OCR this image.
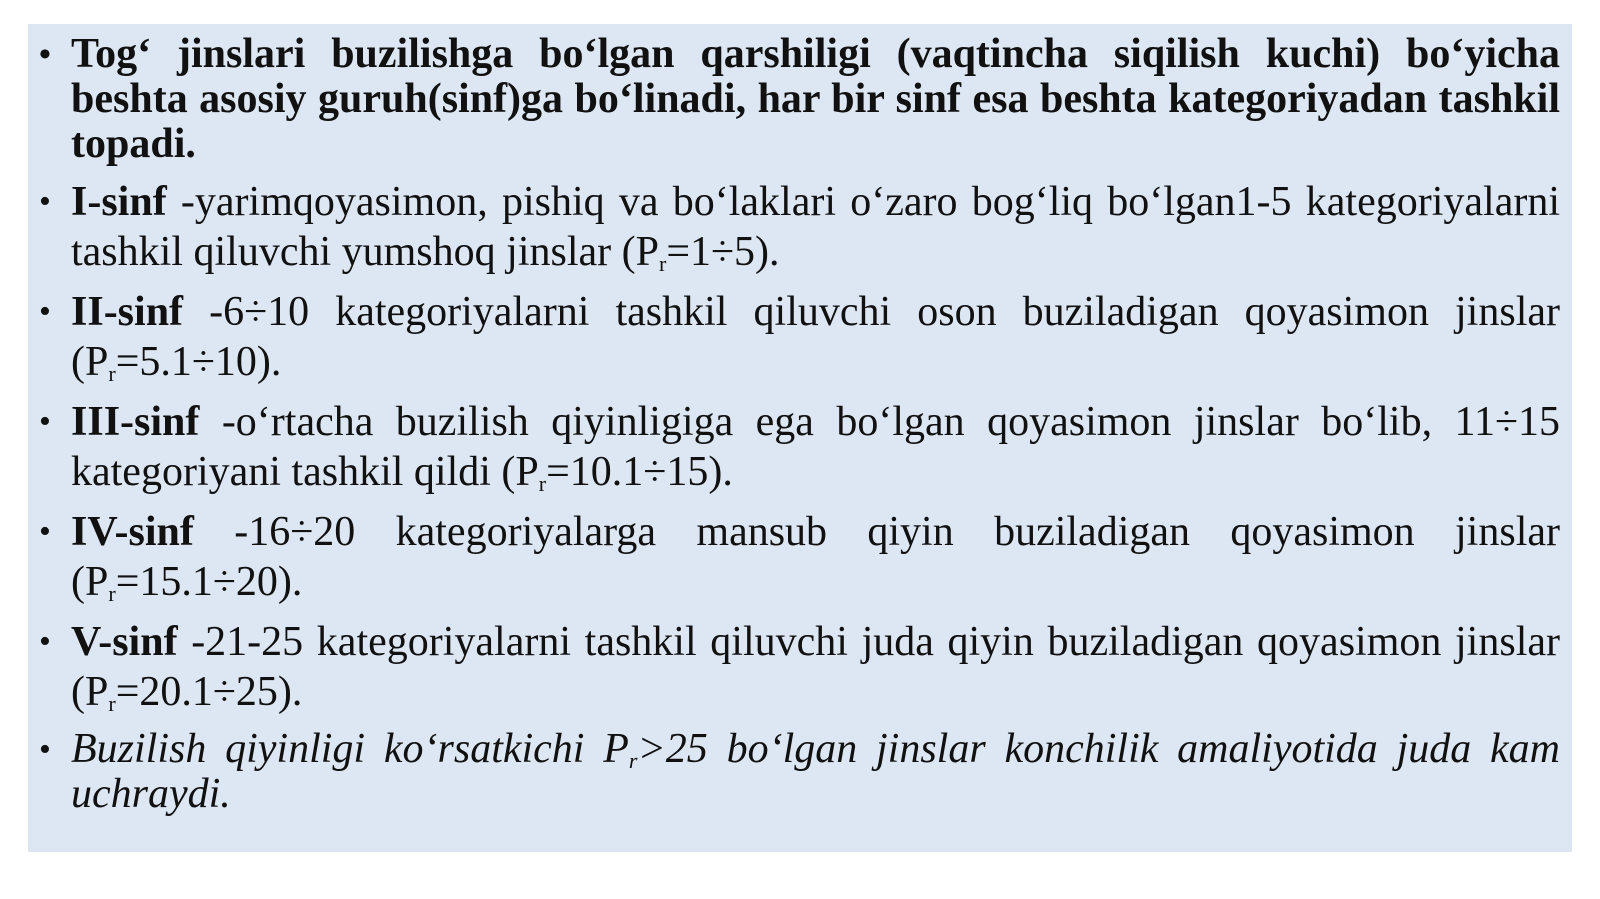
• Tog‘ jinslari buzilishga bo‘lgan qarshiligi (vaqtincha siqilish kuchi) bo‘yicha beshta asosiy guruh(sinf)ga bo‘linadi, har bir sinf esa beshta kategoriyadan tashkil topadi.
• I-sinf -yarimqoyasimon, pishiq va bo‘laklari o‘zaro bog‘liq bo‘lgan1-5 kategoriyalarni tashkil qiluvchi yumshoq jinslar $(P_r=1\div 5)$.
• II-sinf -6÷10 kategoriyalarni tashkil qiluvchi oson buziladigan qoyasimon jinslar $(P_r=5.1\div 10)$.
• III-sinf -o‘rtacha buzilish qiyinligiga ega bo‘lgan qoyasimon jinslar bo‘lib, 11÷15 kategoriyani tashkil qildi $(P_r=10.1\div 15)$.
• IV-sinf -16÷20 kategoriyalarga mansub qiyin buziladigan qoyasimon jinslar $(P_r=15.1\div 20)$.
• V-sinf -21-25 kategoriyalarni tashkil qiluvchi juda qiyin buziladigan qoyasimon jinslar $(P_r=20.1\div 25)$.
• Buzilish qiyinligi ko‘rsatkichi $P_r>25$ bo‘lgan jinslar konchilik amaliyotida juda kam uchraydi.
